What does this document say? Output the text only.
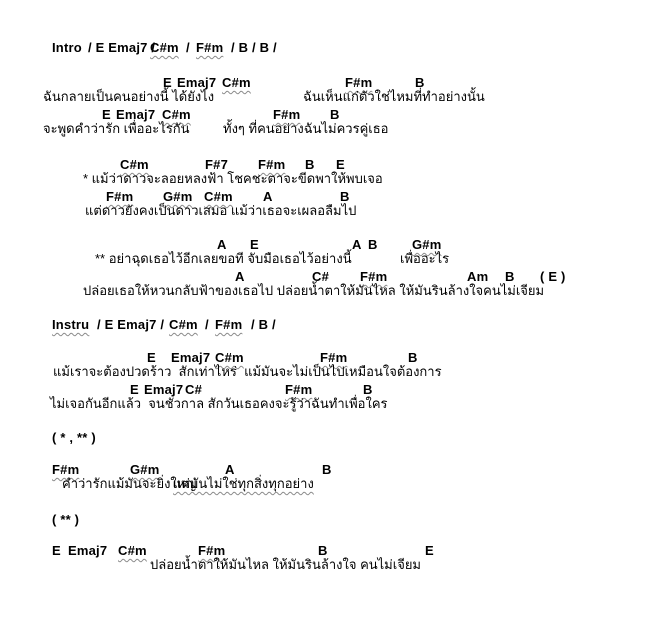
Intro / E Emaj7 /
C#m / F#m / B / B /
E Emaj7 C#m	F#m	B
ฉันกลายเป็นคนอย่างนี้ ได้ยังไง	ฉันเห็นแก่ตัวใช่ไหมที่ทำอย่างนั้น
E Emaj7 C#m	F#m B
จะพูดคำว่ารัก เพื่ออะไรกัน	ทั้งๆ ที่คนอย่างฉันไม่ควรคู่เธอ
C#m	F#7 F#m B E
* แม้ว่าดาวจะลอยหลงฟ้า โชคชะตาจะขีดพาให้พบเจอ
F#m G#m C#m A	B
แต่ดาวยังคงเป็นดาวเสมอ แม้ว่าเธอจะเผลอลืมไป
A E	A B	G#m
** อย่าฉุดเธอไว้อีกเลยขอที จับมือเธอไว้อย่างนี้	เพื่ออะไร
A	C# F#m	Am B ( E )
ปล่อยเธอให้หวนกลับฟ้าของเธอไป ปล่อยน้ำตาให้มันไหล ให้มันรินล้างใจคนไม่เจียม
Instru / E Emaj7 / C#m / F#m / B /
E Emaj7 C#m	F#m	B
แม้เราจะต้องปวดร้าว  สักเท่าไหร่  แม้มันจะไม่เป็นไปเหมือนใจต้องการ
E Emaj7 C#	F#m	B
ไม่เจอกันอีกแล้ว  จนชั่วกาล สักวันเธอคงจะรู้ว่าฉันทำเพื่อใคร
( * , ** )
F#m	G#m	A	B
คำว่ารักแม้มันจะยิ่งใหญ่
แต่มันไม่ใช่ทุกสิ่งทุกอย่าง
( ** )
E Emaj7 C#m	F#m	B	E
ปล่อยน้ำตาให้มันไหล ให้มันรินล้างใจ คนไม่เจียม
